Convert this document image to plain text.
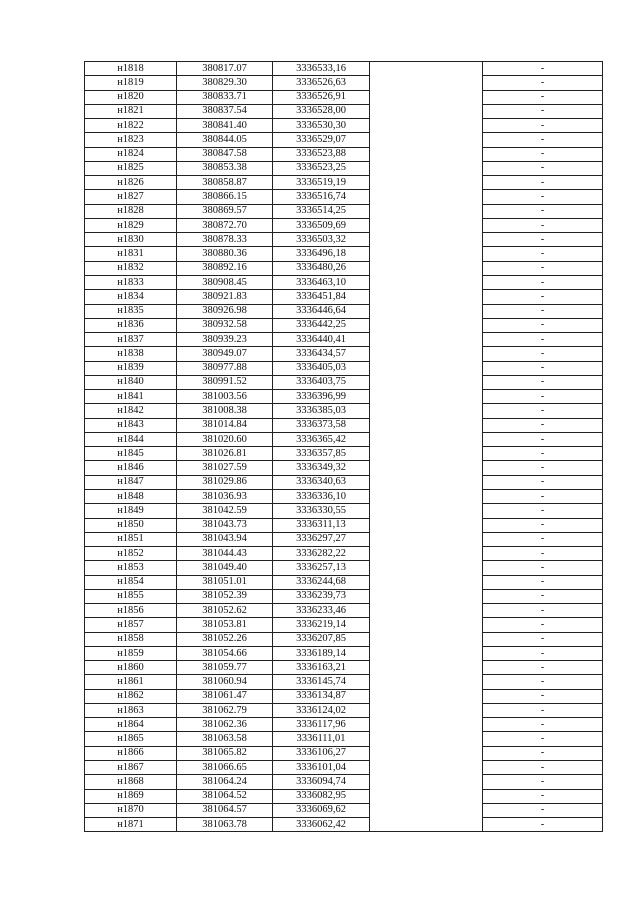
н1818	380817.07	3336533,16		-
н1819	380829.30	3336526,63		-
н1820	380833.71	3336526,91		-
н1821	380837.54	3336528,00		-
н1822	380841.40	3336530,30		-
н1823	380844.05	3336529,07		-
н1824	380847.58	3336523,88		-
н1825	380853.38	3336523,25		-
н1826	380858.87	3336519,19		-
н1827	380866.15	3336516,74		-
н1828	380869.57	3336514,25		-
н1829	380872.70	3336509,69		-
н1830	380878.33	3336503,32		-
н1831	380880.36	3336496,18		-
н1832	380892.16	3336480,26		-
н1833	380908.45	3336463,10		-
н1834	380921.83	3336451,84		-
н1835	380926.98	3336446,64		-
н1836	380932.58	3336442,25		-
н1837	380939.23	3336440,41		-
н1838	380949.07	3336434,57		-
н1839	380977.88	3336405,03		-
н1840	380991.52	3336403,75		-
н1841	381003.56	3336396,99		-
н1842	381008.38	3336385,03		-
н1843	381014.84	3336373,58		-
н1844	381020.60	3336365,42		-
н1845	381026.81	3336357,85		-
н1846	381027.59	3336349,32		-
н1847	381029.86	3336340,63		-
н1848	381036.93	3336336,10		-
н1849	381042.59	3336330,55		-
н1850	381043.73	3336311,13		-
н1851	381043.94	3336297,27		-
н1852	381044.43	3336282,22		-
н1853	381049.40	3336257,13		-
н1854	381051.01	3336244,68		-
н1855	381052.39	3336239,73		-
н1856	381052.62	3336233,46		-
н1857	381053.81	3336219,14		-
н1858	381052.26	3336207,85		-
н1859	381054.66	3336189,14		-
н1860	381059.77	3336163,21		-
н1861	381060.94	3336145,74		-
н1862	381061.47	3336134,87		-
н1863	381062.79	3336124,02		-
н1864	381062.36	3336117,96		-
н1865	381063.58	3336111,01		-
н1866	381065.82	3336106,27		-
н1867	381066.65	3336101,04		-
н1868	381064.24	3336094,74		-
н1869	381064.52	3336082,95		-
н1870	381064.57	3336069,62		-
н1871	381063.78	3336062,42		-
